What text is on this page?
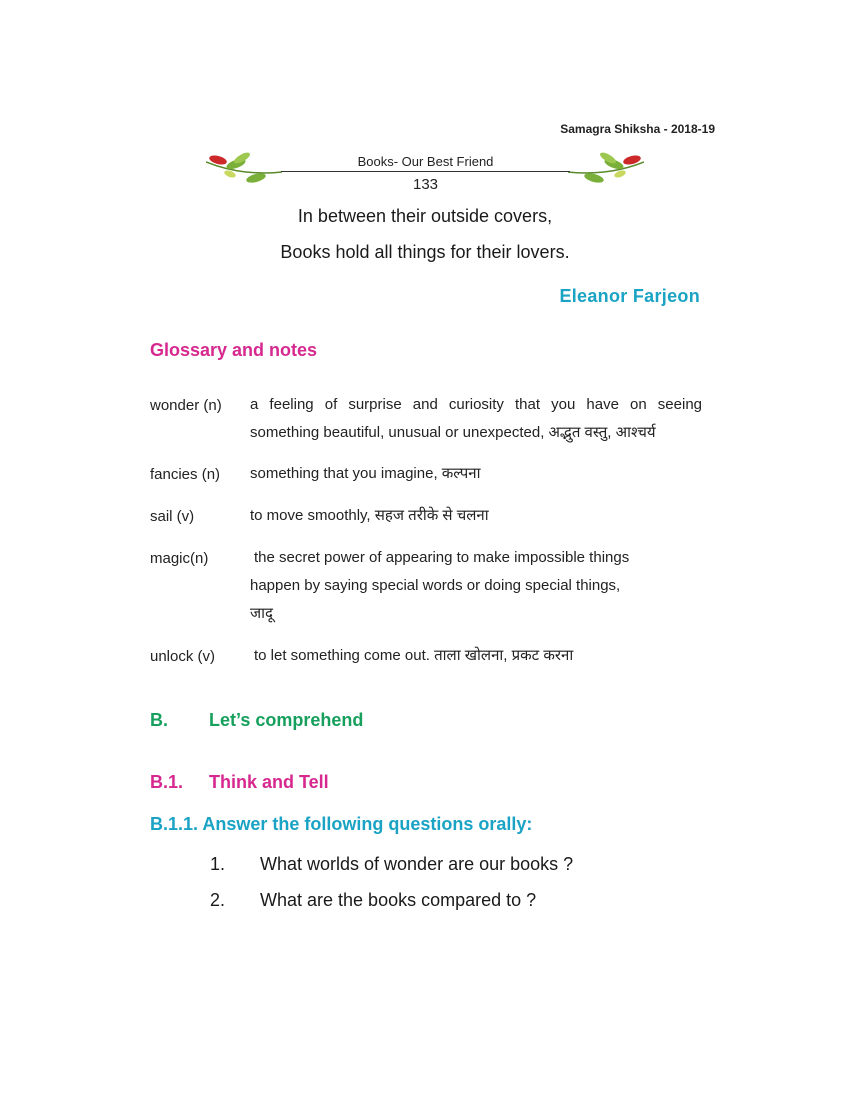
Samagra Shiksha - 2018-19
Books- Our Best Friend
133
In between their outside covers,
Books hold all things for their lovers.
Eleanor Farjeon
Glossary and notes
wonder (n) a feeling of surprise and curiosity that you have on seeing
something beautiful, unusual or unexpected, अद्भुत वस्तु, आश्चर्य
fancies (n) something that you imagine, कल्पना
sail (v)	to move smoothly, सहज तरीके से चलना
magic(n)	the secret power of appearing to make impossible things
happen by saying special words or doing special things,
जादू
unlock (v)	to let something come out. ताला खोलना, प्रकट करना
B. Let’s comprehend
B.1. Think and Tell
B.1.1. Answer the following questions orally:
1. What worlds of wonder are our books ?
2. What are the books compared to ?
